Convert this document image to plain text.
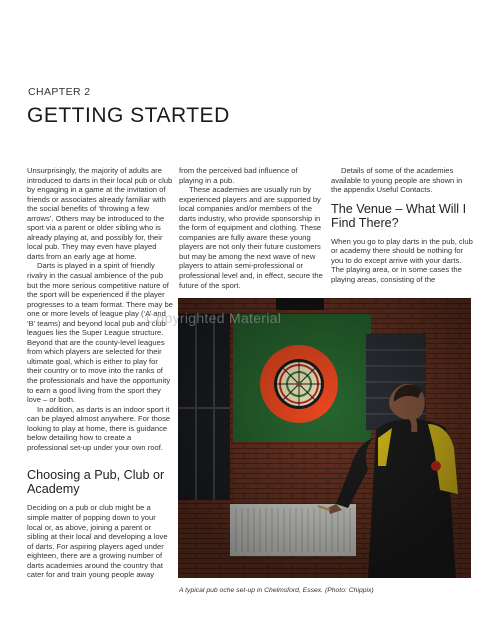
CHAPTER 2
GETTING STARTED

Unsurprisingly, the majority of adults are introduced to darts in their local pub or club by engaging in a game at the invitation of friends or associates already familiar with the social benefits of ‘throwing a few arrows’. Others may be introduced to the sport via a parent or older sibling who is already playing at, and possibly for, their local pub. They may even have played darts from an early age at home.

Darts is played in a spirit of friendly rivalry in the casual ambience of the pub but the more serious competitive nature of the sport will be experienced if the player progresses to a team format. There may be one or more levels of league play (‘A’ and ‘B’ teams) and beyond local pub and club leagues lies the Super League structure. Beyond that are the county-level leagues from which players are selected for their ultimate goal, which is either to play for their country or to move into the ranks of the professionals and have the opportunity to earn a good living from the sport they love – or both.

In addition, as darts is an indoor sport it can be played almost anywhere. For those looking to play at home, there is guidance below detailing how to create a professional set-up under your own roof.

Choosing a Pub, Club or Academy

Deciding on a pub or club might be a simple matter of popping down to your local or, as above, joining a parent or sibling at their local and developing a love of darts. For aspiring players aged under eighteen, there are a growing number of darts academies around the country that cater for and train young people away

from the perceived bad influence of playing in a pub.

These academies are usually run by experienced players and are supported by local companies and/or members of the darts industry, who provide sponsorship in the form of equipment and clothing. These companies are fully aware these young players are not only their future customers but may be among the next wave of new players to attain semi-professional or professional level and, in effect, secure the future of the sport.

Details of some of the academies available to young people are shown in the appendix Useful Contacts.

The Venue – What Will I Find There?

When you go to play darts in the pub, club or academy there should be nothing for you to do except arrive with your darts. The playing area, or in some cases the playing areas, consisting of the

Copyrighted Material
A typical pub oche set-up in Chelmsford, Essex. (Photo: Chippix)
